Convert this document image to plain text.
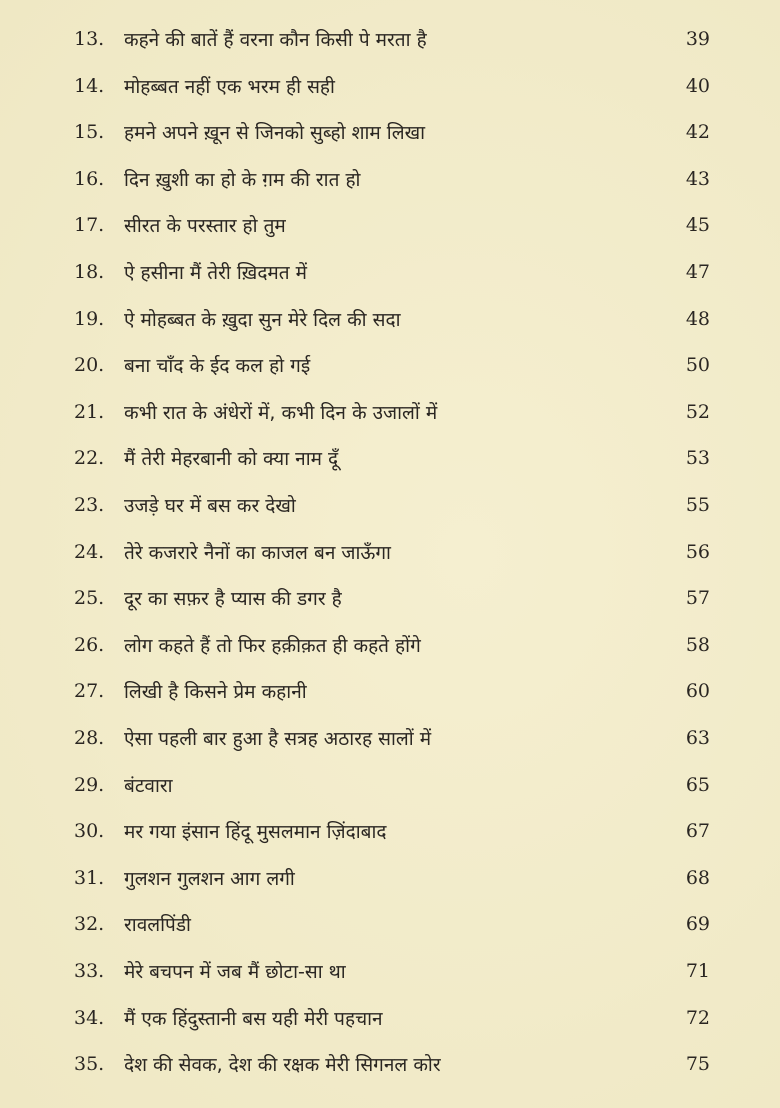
13. कहने की बातें हैं वरना कौन किसी पे मरता है	39
14. मोहब्बत नहीं एक भरम ही सही	40
15. हमने अपने ख़ून से जिनको सुब्हो शाम लिखा	42
16. दिन ख़ुशी का हो के ग़म की रात हो	43
17. सीरत के परस्तार हो तुम	45
18. ऐ हसीना मैं तेरी ख़िदमत में	47
19. ऐ मोहब्बत के ख़ुदा सुन मेरे दिल की सदा	48
20. बना चाँद के ईद कल हो गई	50
21. कभी रात के अंधेरों में, कभी दिन के उजालों में	52
22. मैं तेरी मेहरबानी को क्या नाम दूँ	53
23. उजड़े घर में बस कर देखो	55
24. तेरे कजरारे नैनों का काजल बन जाऊँगा	56
25. दूर का सफ़र है प्यास की डगर है	57
26. लोग कहते हैं तो फिर हक़ीक़त ही कहते होंगे	58
27. लिखी है किसने प्रेम कहानी	60
28. ऐसा पहली बार हुआ है सत्रह अठारह सालों में	63
29. बंटवारा	65
30. मर गया इंसान हिंदू मुसलमान ज़िंदाबाद	67
31. गुलशन गुलशन आग लगी	68
32. रावलपिंडी	69
33. मेरे बचपन में जब मैं छोटा-सा था	71
34. मैं एक हिंदुस्तानी बस यही मेरी पहचान	72
35. देश की सेवक, देश की रक्षक मेरी सिगनल कोर	75
